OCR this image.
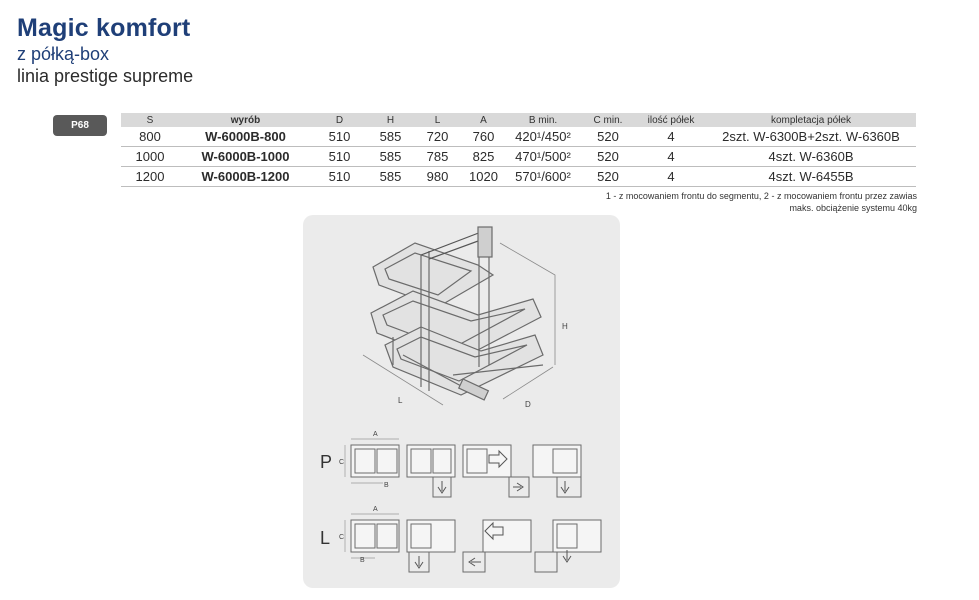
Magic komfort
z półką-box
linia prestige supreme
P68	S	wyrób	D	H	L	A	B min.	C min.	ilość półek	kompletacja półek
800	W-6000B-800	510	585	720	760	420¹/450²	520	4	2szt. W-6300B+2szt. W-6360B
1000	W-6000B-1000	510	585	785	825	470¹/500²	520	4	4szt. W-6360B
1200	W-6000B-1200	510	585	980	1020	570¹/600²	520	4	4szt. W-6455B
1 - z mocowaniem frontu do segmentu, 2 - z mocowaniem frontu przez zawias
maks. obciążenie systemu 40kg
H
L	D
P
A
B
C
L
A
B
C
